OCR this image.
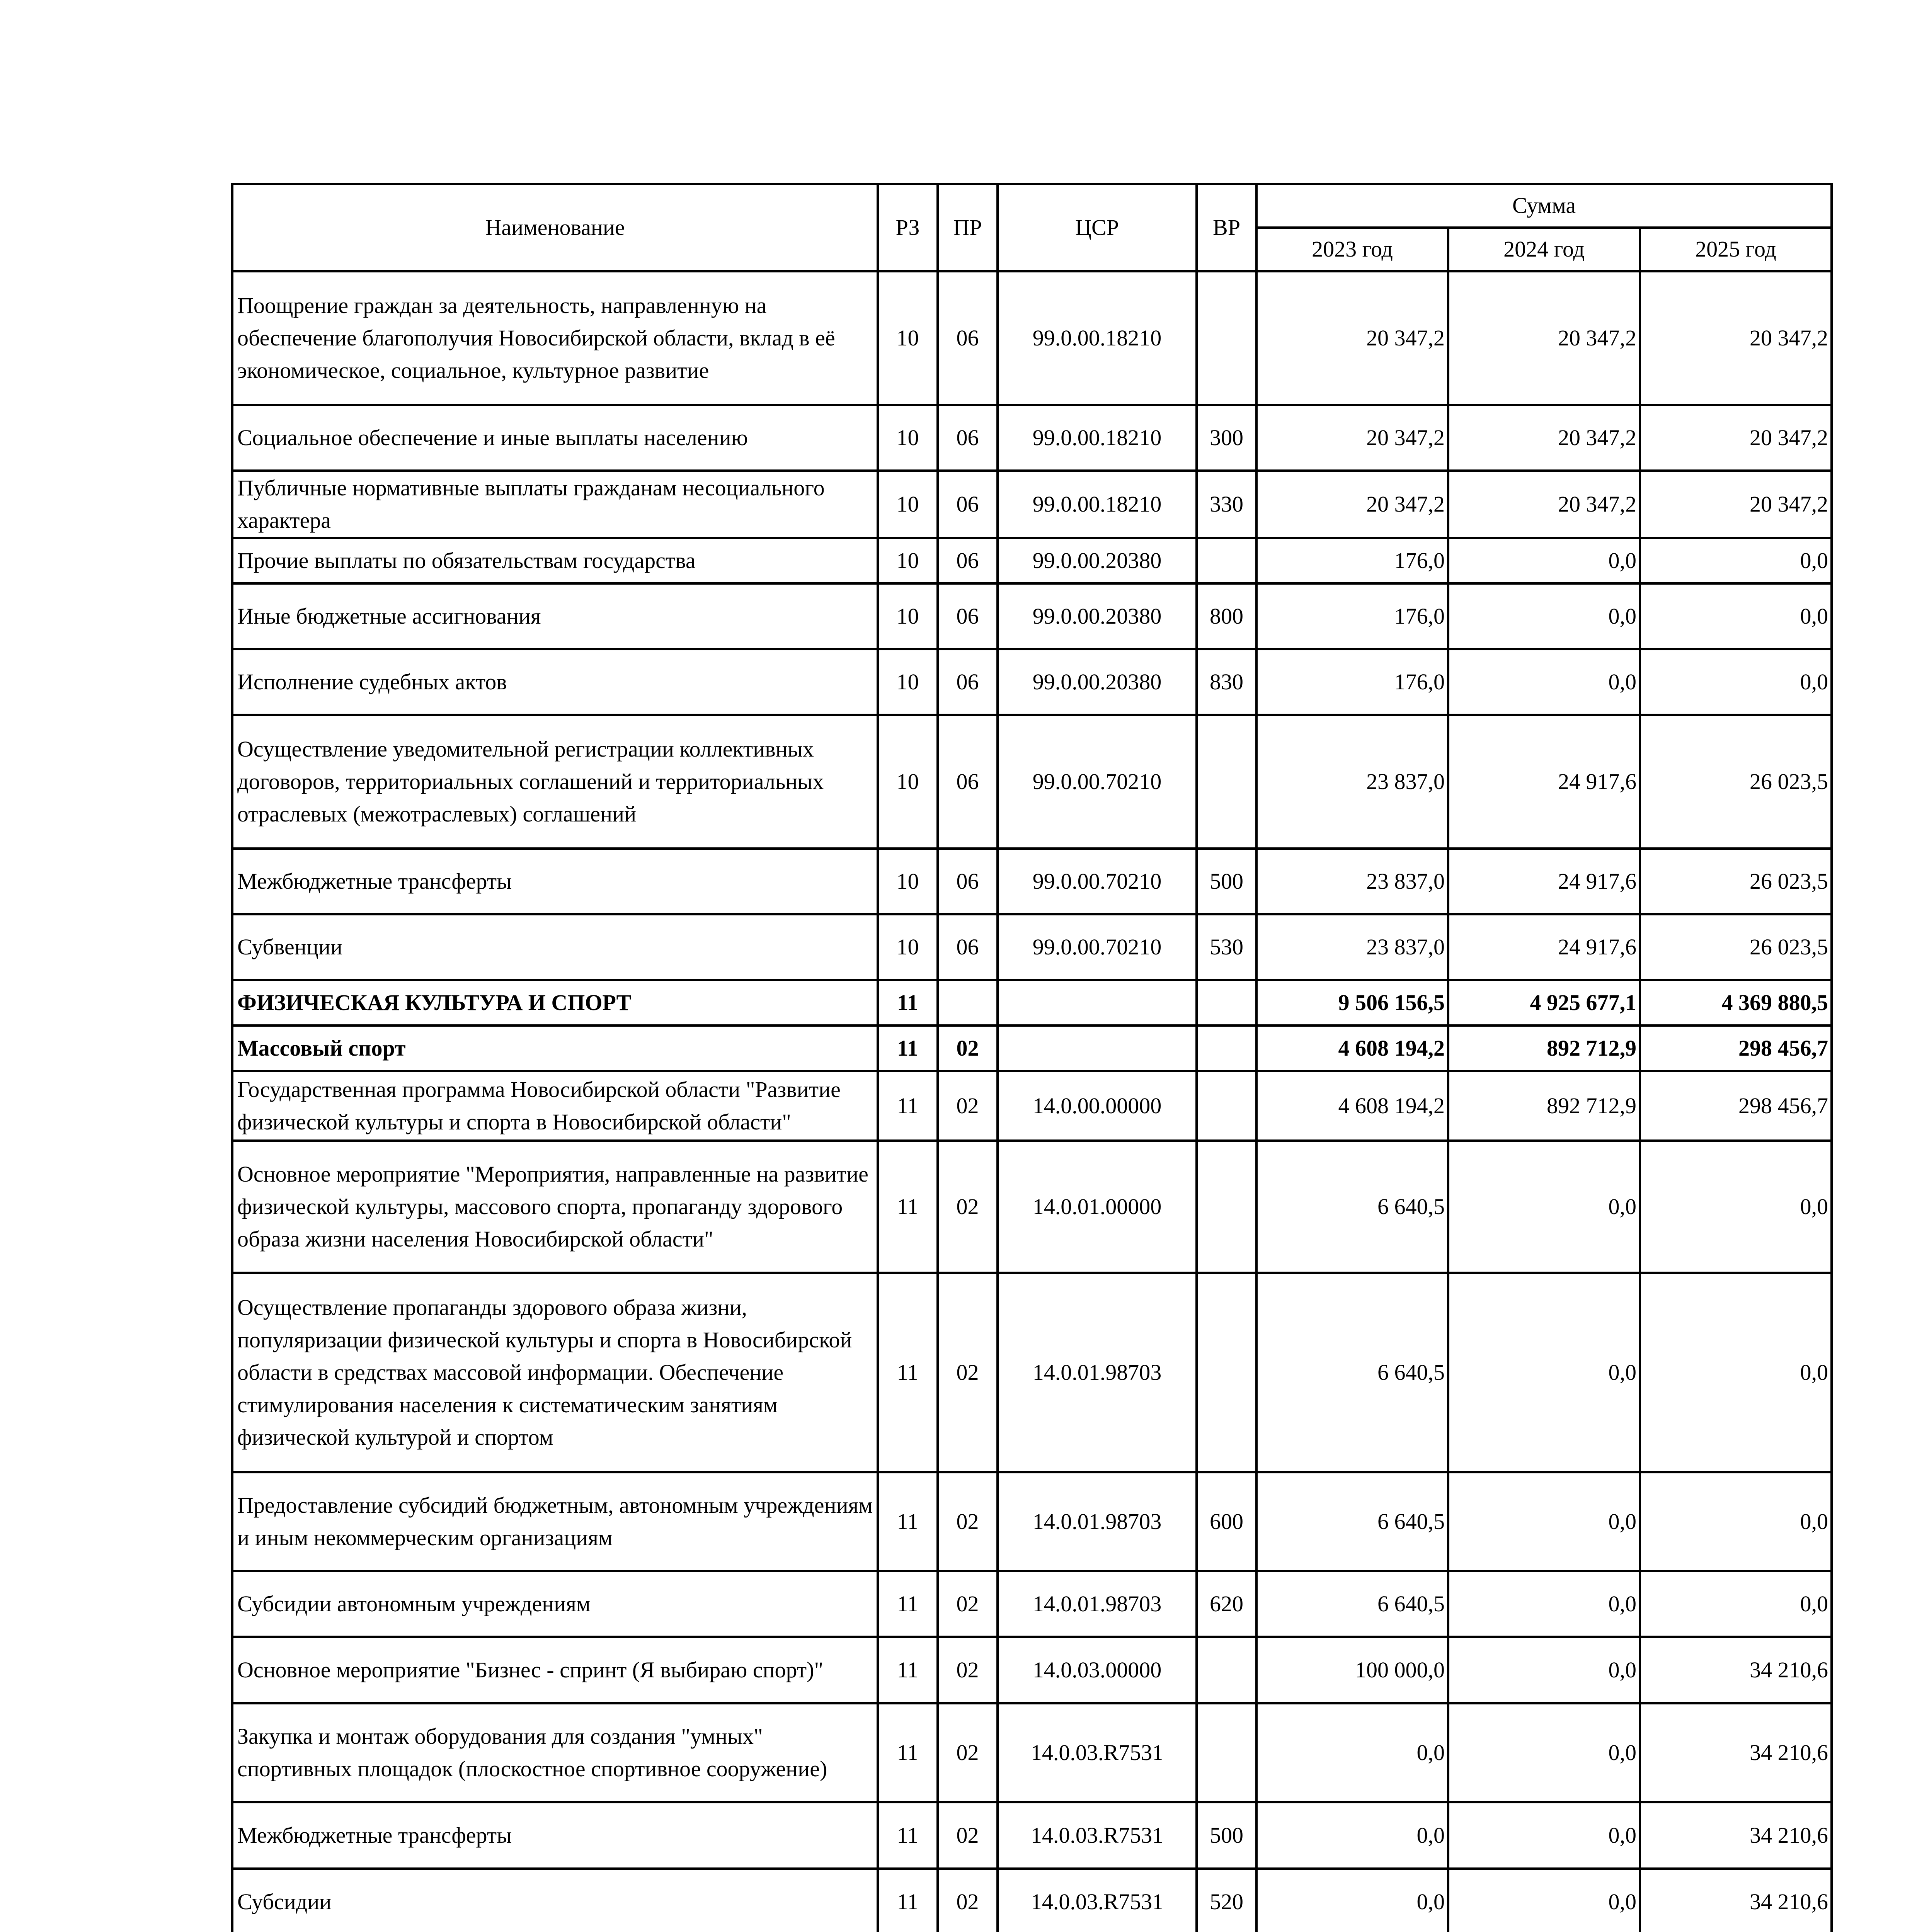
Наименование	РЗ	ПР	ЦСР	ВР	Сумма		
					2023 год	2024 год	2025 год
Поощрение граждан за деятельность, направленную на обеспечение благополучия Новосибирской области, вклад в её экономическое, социальное, культурное развитие	10	06	99.0.00.18210		20 347,2	20 347,2	20 347,2
Социальное обеспечение и иные выплаты населению	10	06	99.0.00.18210	300	20 347,2	20 347,2	20 347,2
Публичные нормативные выплаты гражданам несоциального характера	10	06	99.0.00.18210	330	20 347,2	20 347,2	20 347,2
Прочие выплаты по обязательствам государства	10	06	99.0.00.20380		176,0	0,0	0,0
Иные бюджетные ассигнования	10	06	99.0.00.20380	800	176,0	0,0	0,0
Исполнение судебных актов	10	06	99.0.00.20380	830	176,0	0,0	0,0
Осуществление уведомительной регистрации коллективных договоров, территориальных соглашений и территориальных отраслевых (межотраслевых) соглашений	10	06	99.0.00.70210		23 837,0	24 917,6	26 023,5
Межбюджетные трансферты	10	06	99.0.00.70210	500	23 837,0	24 917,6	26 023,5
Субвенции	10	06	99.0.00.70210	530	23 837,0	24 917,6	26 023,5
ФИЗИЧЕСКАЯ КУЛЬТУРА И СПОРТ	11				9 506 156,5	4 925 677,1	4 369 880,5
Массовый спорт	11	02			4 608 194,2	892 712,9	298 456,7
Государственная программа Новосибирской области "Развитие физической культуры и спорта в Новосибирской области"	11	02	14.0.00.00000		4 608 194,2	892 712,9	298 456,7
Основное мероприятие "Мероприятия, направленные на развитие физической культуры, массового спорта, пропаганду здорового образа жизни населения Новосибирской области"	11	02	14.0.01.00000		6 640,5	0,0	0,0
Осуществление пропаганды здорового образа жизни, популяризации физической культуры и спорта в Новосибирской области в средствах массовой информации. Обеспечение стимулирования населения к систематическим занятиям физической культурой и спортом	11	02	14.0.01.98703		6 640,5	0,0	0,0
Предоставление субсидий бюджетным, автономным учреждениям и иным некоммерческим организациям	11	02	14.0.01.98703	600	6 640,5	0,0	0,0
Субсидии автономным учреждениям	11	02	14.0.01.98703	620	6 640,5	0,0	0,0
Основное мероприятие "Бизнес - спринт (Я выбираю спорт)"	11	02	14.0.03.00000		100 000,0	0,0	34 210,6
Закупка и монтаж оборудования для создания "умных" спортивных площадок (плоскостное спортивное сооружение)	11	02	14.0.03.R7531		0,0	0,0	34 210,6
Межбюджетные трансферты	11	02	14.0.03.R7531	500	0,0	0,0	34 210,6
Субсидии	11	02	14.0.03.R7531	520	0,0	0,0	34 210,6
